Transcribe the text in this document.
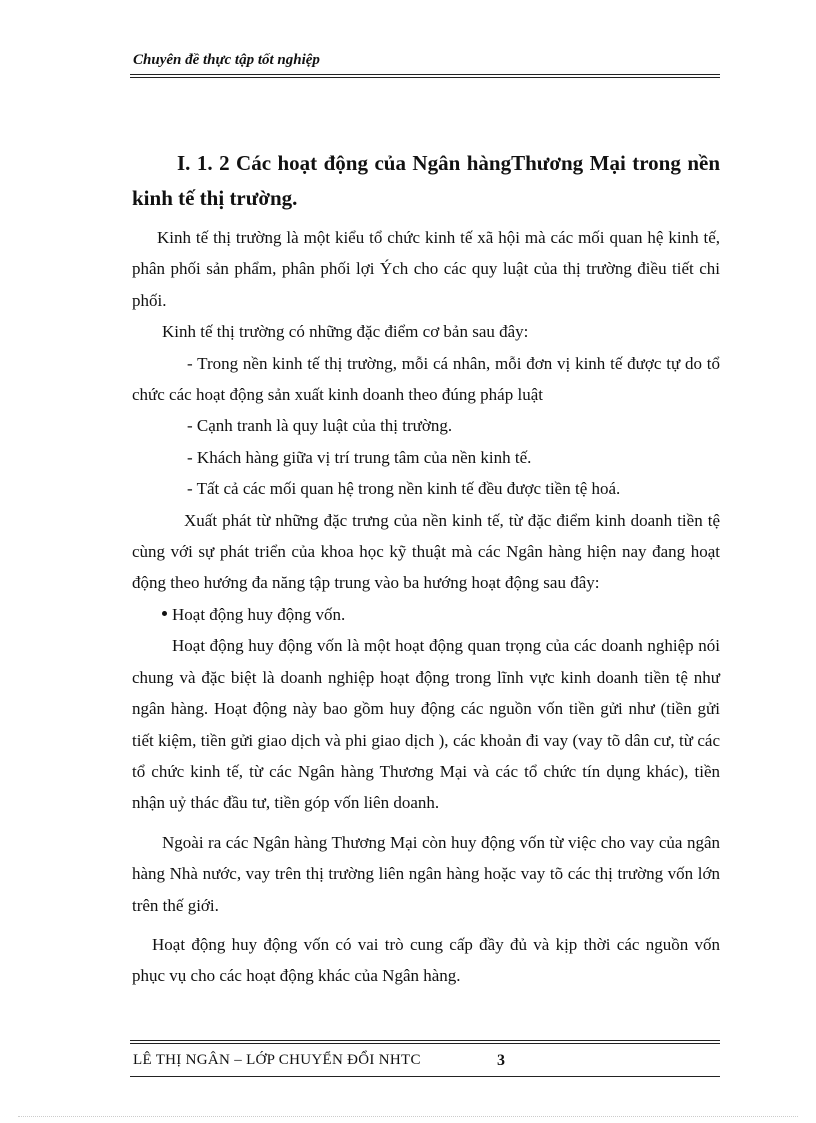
Chuyên đề thực tập tốt nghiệp
I. 1. 2 Các hoạt động của Ngân hàngThương Mại trong nền kinh tế thị trường.

Kinh tế thị trường là một kiểu tổ chức kinh tế xã hội mà các mối quan hệ kinh tế, phân phối sản phẩm, phân phối lợi Ých cho các quy luật của thị trường điều tiết chi phối.

Kinh tế thị trường có những đặc điểm cơ bản sau đây:

- Trong nền kinh tế thị trường, mỗi cá nhân, mỗi đơn vị kinh tế được tự do tổ chức các hoạt động sản xuất kinh doanh theo đúng pháp luật

- Cạnh tranh là quy luật của thị trường.

- Khách hàng giữa vị trí trung tâm của nền kinh tế.

- Tất cả các mối quan hệ trong nền kinh tế đều được tiền tệ hoá.

Xuất phát từ những đặc trưng của nền kinh tế, từ đặc điểm kinh doanh tiền tệ cùng với sự phát triển của khoa học kỹ thuật mà các Ngân hàng hiện nay đang hoạt động theo hướng đa năng tập trung vào ba hướng hoạt động sau đây:

Hoạt động huy động vốn.

Hoạt động huy động vốn là một hoạt động quan trọng của các doanh nghiệp nói chung và đặc biệt là doanh nghiệp hoạt động trong lĩnh vực kinh doanh tiền tệ như ngân hàng. Hoạt động này bao gồm huy động các nguồn vốn tiền gửi như (tiền gửi tiết kiệm, tiền gửi giao dịch và phi giao dịch ), các khoản đi vay (vay tõ dân cư, từ các tổ chức kinh tế, từ các Ngân hàng Thương Mại và các tổ chức tín dụng khác), tiền nhận uỷ thác đầu tư, tiền góp vốn liên doanh.

Ngoài ra các Ngân hàng Thương Mại còn huy động vốn từ việc cho vay của ngân hàng Nhà nước, vay trên thị trường liên ngân hàng hoặc vay tõ các thị trường vốn lớn trên thế giới.

Hoạt động huy động vốn có vai trò cung cấp đầy đủ và kịp thời các nguồn vốn phục vụ cho các hoạt động khác của Ngân hàng.

LÊ THỊ NGÂN – LỚP CHUYỂN ĐỔI NHTC	3
